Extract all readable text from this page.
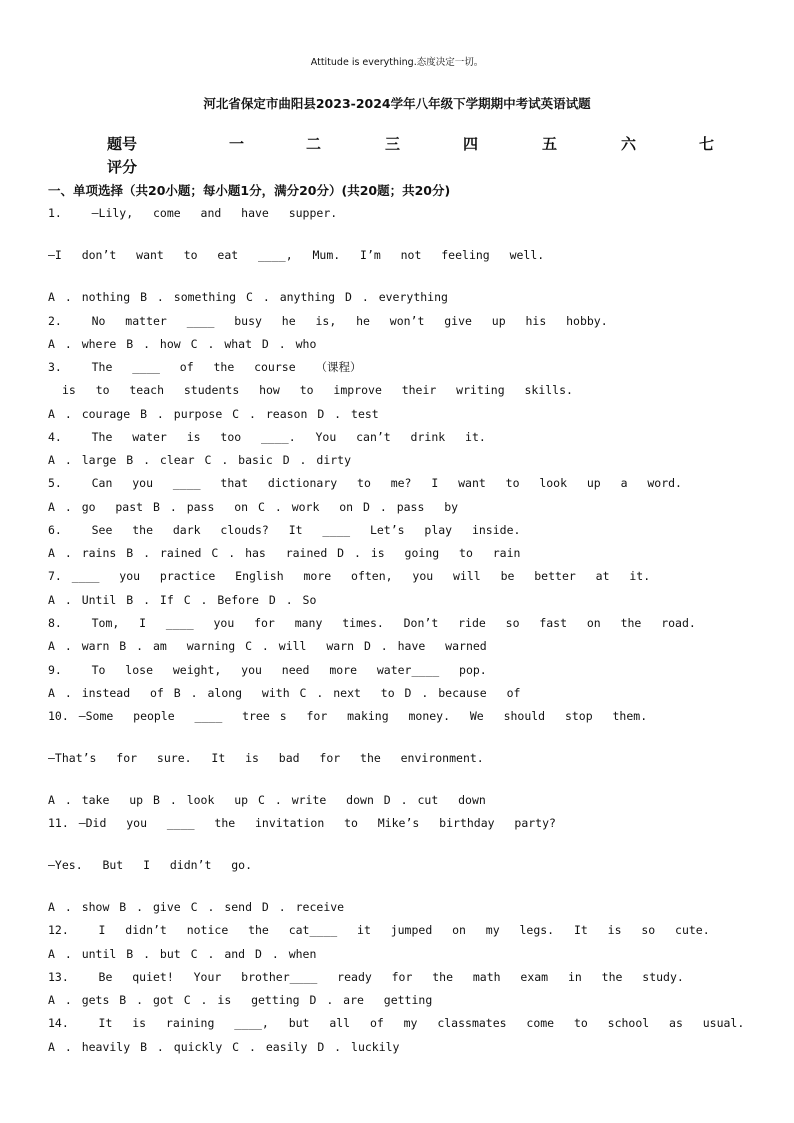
Attitude is everything.态度决定一切。
河北省保定市曲阳县2023-2024学年八年级下学期期中考试英语试题
题号	一	二	三	四	五	六	七
评分
一、单项选择（共20小题；每小题1分，满分20分）(共20题；共20分)
1.   —Lily,  come  and  have  supper.
—I  don’t  want  to  eat  ____,  Mum.  I’m  not  feeling  well.
A . nothing B . something C . anything D . everything
2.   No  matter  ____  busy  he  is,  he  won’t  give  up  his  hobby.
A . where B . how C . what D . who
3.   The  ____  of  the  course  （课程）
is  to  teach  students  how  to  improve  their  writing  skills.
A . courage B . purpose C . reason D . test
4.   The  water  is  too  ____.  You  can’t  drink  it.
A . large B . clear C . basic D . dirty
5.   Can  you  ____  that  dictionary  to  me?  I  want  to  look  up  a  word.
A . go  past B . pass  on C . work  on D . pass  by
6.   See  the  dark  clouds?  It  ____  Let’s  play  inside.
A . rains B . rained C . has  rained D . is  going  to  rain
7. ____  you  practice  English  more  often,  you  will  be  better  at  it.
A . Until B . If C . Before D . So
8.   Tom,  I  ____  you  for  many  times.  Don’t  ride  so  fast  on  the  road.
A . warn B . am  warning C . will  warn D . have  warned
9.   To  lose  weight,  you  need  more  water____  pop.
A . instead  of B . along  with C . next  to D . because  of
10. —Some  people  ____  tree s  for  making  money.  We  should  stop  them.
—That’s  for  sure.  It  is  bad  for  the  environment.
A . take  up B . look  up C . write  down D . cut  down
11. —Did  you  ____  the  invitation  to  Mike’s  birthday  party?
—Yes.  But  I  didn’t  go.
A . show B . give C . send D . receive
12.   I  didn’t  notice  the  cat____  it  jumped  on  my  legs.  It  is  so  cute.
A . until B . but C . and D . when
13.   Be  quiet!  Your  brother____  ready  for  the  math  exam  in  the  study.
A . gets B . got C . is  getting D . are  getting
14.   It  is  raining  ____,  but  all  of  my  classmates  come  to  school  as  usual.
A . heavily B . quickly C . easily D . luckily
